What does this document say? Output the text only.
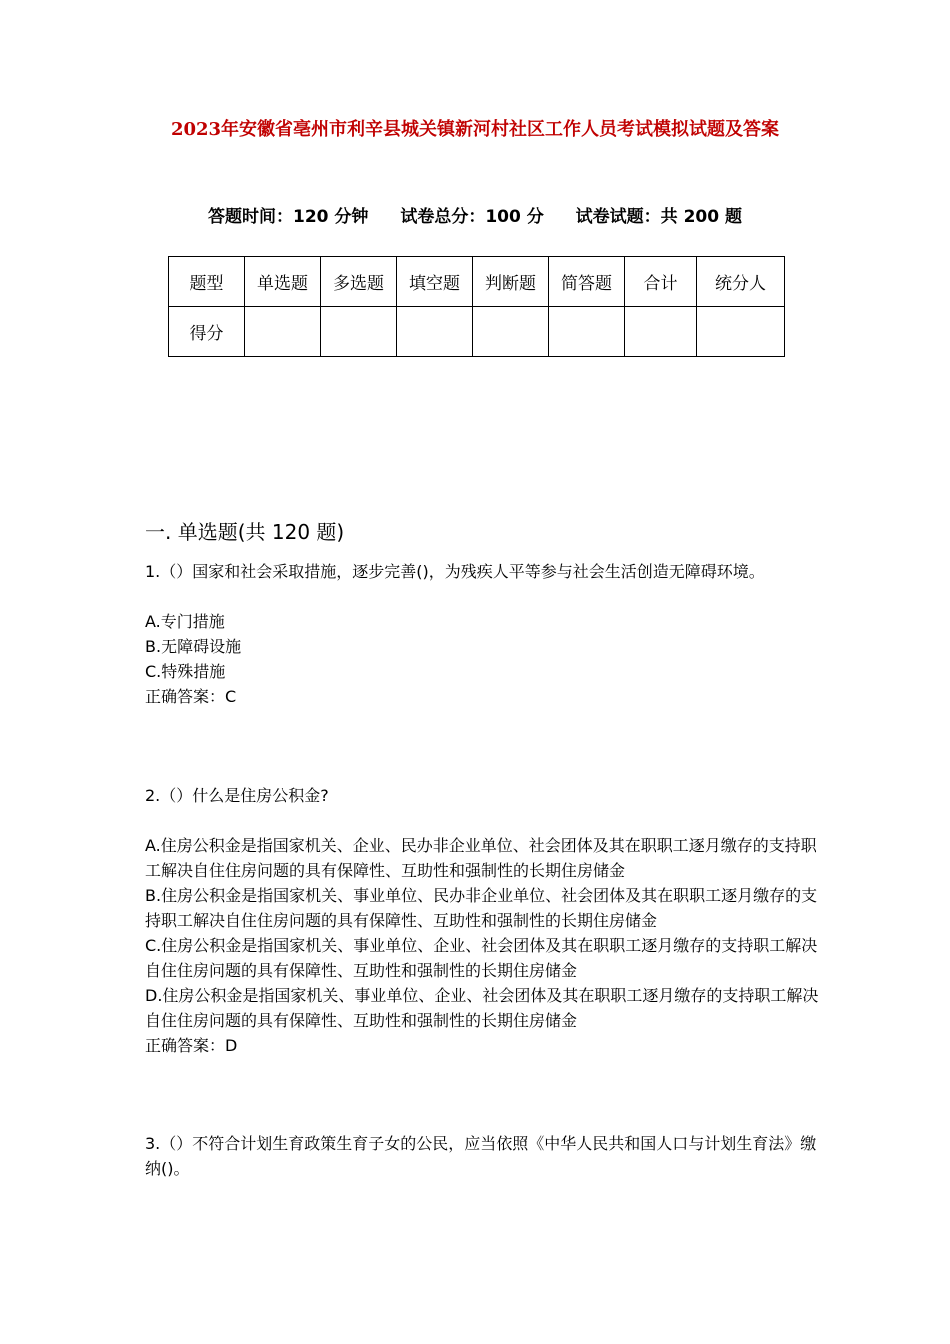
2023年安徽省亳州市利辛县城关镇新河村社区工作人员考试模拟试题及答案
答题时间：120 分钟 试卷总分：100 分 试卷试题：共 200 题
题型	单选题	多选题	填空题	判断题	简答题	合计	统分人
得分							
一. 单选题(共 120 题)

1.（）国家和社会采取措施，逐步完善()，为残疾人平等参与社会生活创造无障碍环境。

A.专门措施

B.无障碍设施

C.特殊措施

正确答案：C

2.（）什么是住房公积金?

A.住房公积金是指国家机关、企业、民办非企业单位、社会团体及其在职职工逐月缴存的支持职工解决自住住房问题的具有保障性、互助性和强制性的长期住房储金

B.住房公积金是指国家机关、事业单位、民办非企业单位、社会团体及其在职职工逐月缴存的支持职工解决自住住房问题的具有保障性、互助性和强制性的长期住房储金

C.住房公积金是指国家机关、事业单位、企业、社会团体及其在职职工逐月缴存的支持职工解决自住住房问题的具有保障性、互助性和强制性的长期住房储金

D.住房公积金是指国家机关、事业单位、企业、社会团体及其在职职工逐月缴存的支持职工解决自住住房问题的具有保障性、互助性和强制性的长期住房储金

正确答案：D

3.（）不符合计划生育政策生育子女的公民，应当依照《中华人民共和国人口与计划生育法》缴纳()。
